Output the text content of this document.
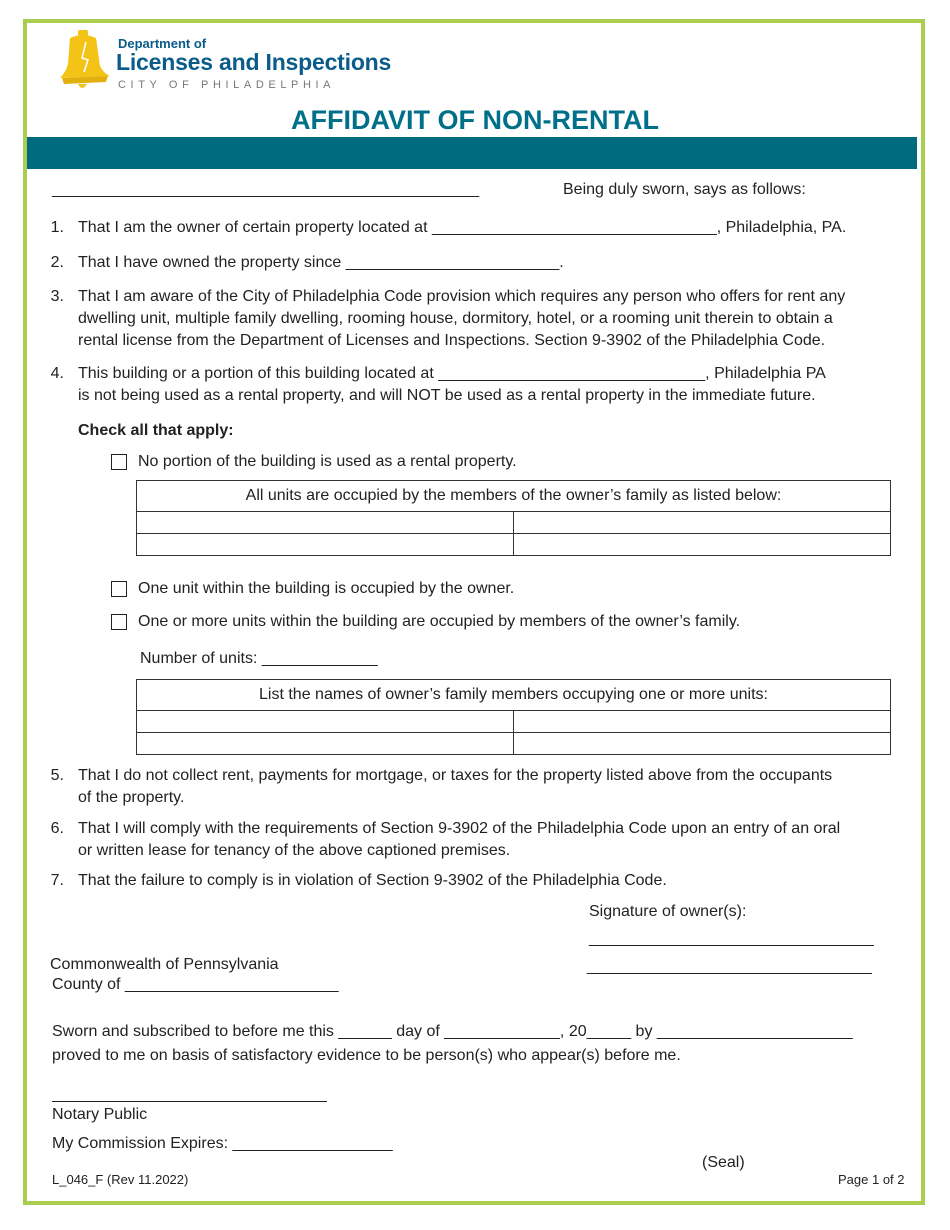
Department of
Licenses and Inspections
CITY OF PHILADELPHIA
AFFIDAVIT OF NON-RENTAL
________________________________________________	Being duly sworn, says as follows:
1. That I am the owner of certain property located at ________________________________, Philadelphia, PA.
2. That I have owned the property since ________________________.
3. That I am aware of the City of Philadelphia Code provision which requires any person who offers for rent any
dwelling unit, multiple family dwelling, rooming house, dormitory, hotel, or a rooming unit therein to obtain a
rental license from the Department of Licenses and Inspections. Section 9-3902 of the Philadelphia Code.
4. This building or a portion of this building located at ______________________________, Philadelphia PA
is not being used as a rental property, and will NOT be used as a rental property in the immediate future.
Check all that apply:
No portion of the building is used as a rental property.
All units are occupied by the members of the owner’s family as listed below:	

One unit within the building is occupied by the owner.
One or more units within the building are occupied by members of the owner’s family.
Number of units: _____________
List the names of owner’s family members occupying one or more units:	

5. That I do not collect rent, payments for mortgage, or taxes for the property listed above from the occupants
of the property.
6. That I will comply with the requirements of Section 9-3902 of the Philadelphia Code upon an entry of an oral
or written lease for tenancy of the above captioned premises.
7. That the failure to comply is in violation of Section 9-3902 of the Philadelphia Code.
Signature of owner(s):
________________________________
________________________________
Commonwealth of Pennsylvania
County of ________________________
Sworn and subscribed to before me this ______ day of _____________, 20_____ by ______________________
proved to me on basis of satisfactory evidence to be person(s) who appear(s) before me.
Notary Public
My Commission Expires: __________________
(Seal)
L_046_F (Rev 11.2022)	Page 1 of 2
